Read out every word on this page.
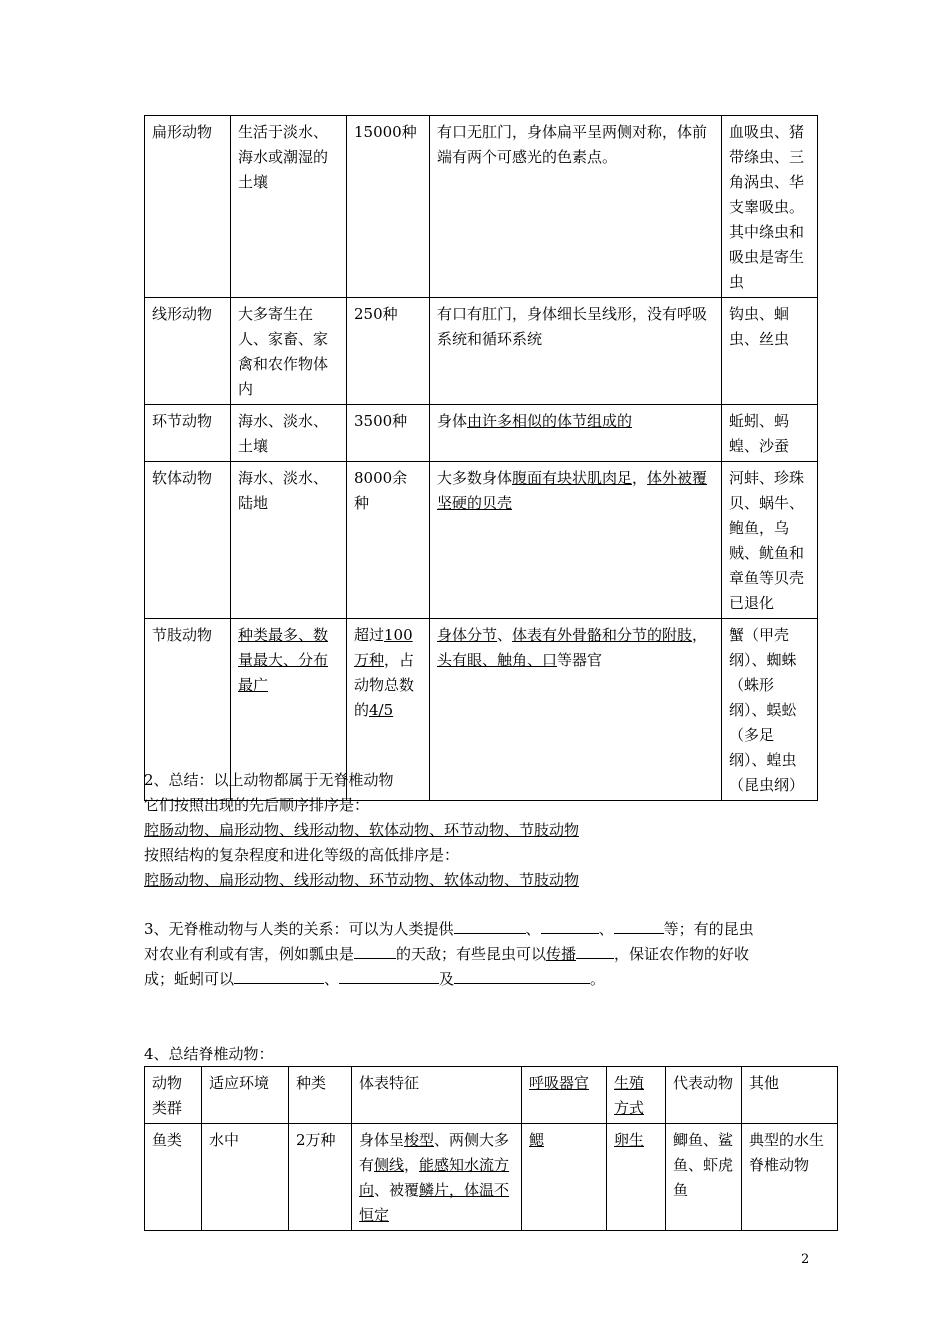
扁形动物	生活于淡水、海水或潮湿的土壤	15000种	有口无肛门，身体扁平呈两侧对称，体前端有两个可感光的色素点。	血吸虫、猪带绦虫、三角涡虫、华支睾吸虫。其中绦虫和吸虫是寄生虫
线形动物	大多寄生在人、家畜、家禽和农作物体内	250种	有口有肛门，身体细长呈线形，没有呼吸系统和循环系统	钩虫、蛔虫、丝虫
环节动物	海水、淡水、土壤	3500种	身体由许多相似的体节组成的	蚯蚓、蚂蝗、沙蚕
软体动物	海水、淡水、陆地	8000余种	大多数身体腹面有块状肌肉足，体外被覆坚硬的贝壳	河蚌、珍珠贝、蜗牛、鲍鱼，乌贼、鱿鱼和章鱼等贝壳已退化
节肢动物	种类最多、数量最大、分布最广	超过100万种，占动物总数的4/5	身体分节、体表有外骨骼和分节的附肢，头有眼、触角、口等器官	蟹（甲壳纲）、蜘蛛（蛛形纲）、蜈蚣（多足纲）、蝗虫（昆虫纲）
2、总结：以上动物都属于无脊椎动物
它们按照出现的先后顺序排序是：
腔肠动物、扁形动物、线形动物、软体动物、环节动物、节肢动物
按照结构的复杂程度和进化等级的高低排序是：
腔肠动物、扁形动物、线形动物、环节动物、软体动物、节肢动物
3、无脊椎动物与人类的关系：可以为人类提供	、	、	等；有的昆虫
对农业有利或有害，例如瓢虫是	的天敌；有些昆虫可以传播	，保证农作物的好收
成；蚯蚓可以	、	及	。
4、总结脊椎动物：
动物类群	适应环境	种类	体表特征	呼吸器官	生殖方式	代表动物	其他
鱼类	水中	2万种	身体呈梭型、两侧大多有侧线，能感知水流方向、被覆鳞片，体温不恒定	鳃	卵生	鲫鱼、鲨鱼、虾虎鱼	典型的水生脊椎动物
2
